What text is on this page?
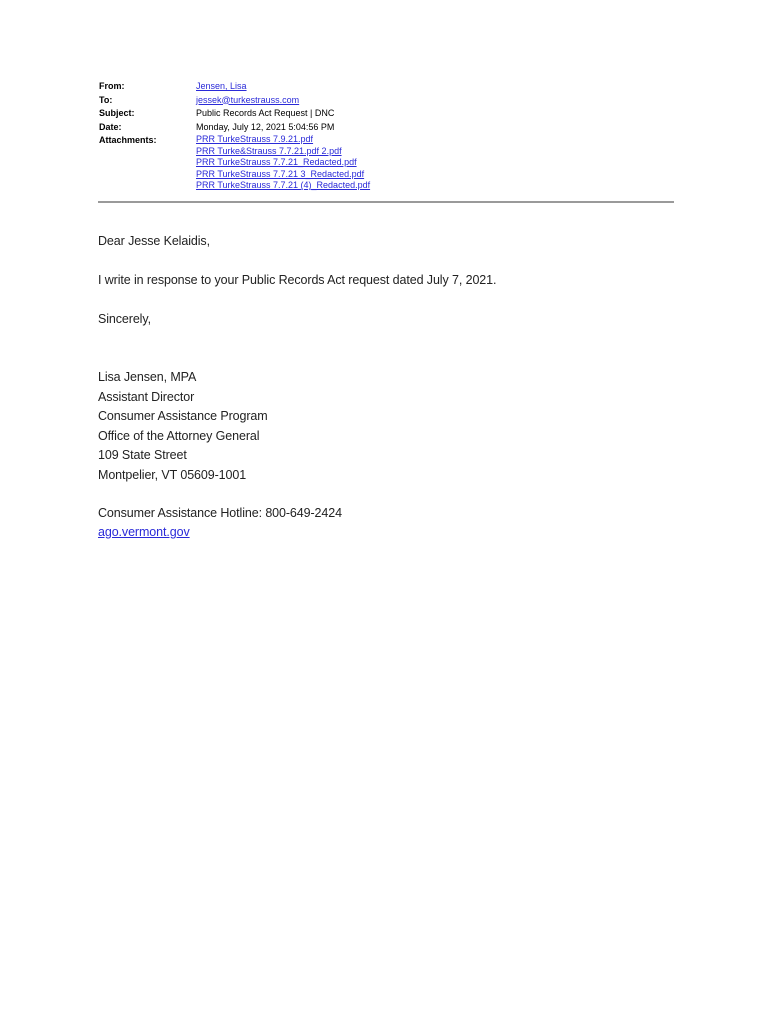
From:	Jensen, Lisa
To:	jessek@turkestrauss.com
Subject:	Public Records Act Request | DNC
Date:	Monday, July 12, 2021 5:04:56 PM
Attachments:	PRR TurkeStrauss 7.9.21.pdf
PRR Turke&Strauss 7.7.21.pdf 2.pdf
PRR TurkeStrauss 7.7.21_Redacted.pdf
PRR TurkeStrauss 7.7.21 3_Redacted.pdf
PRR TurkeStrauss 7.7.21 (4)_Redacted.pdf

Dear Jesse Kelaidis,

I write in response to your Public Records Act request dated July 7, 2021.

Sincerely,

Lisa Jensen, MPA

Assistant Director

Consumer Assistance Program

Office of the Attorney General

109 State Street

Montpelier, VT 05609-1001

Consumer Assistance Hotline: 800-649-2424

ago.vermont.gov
